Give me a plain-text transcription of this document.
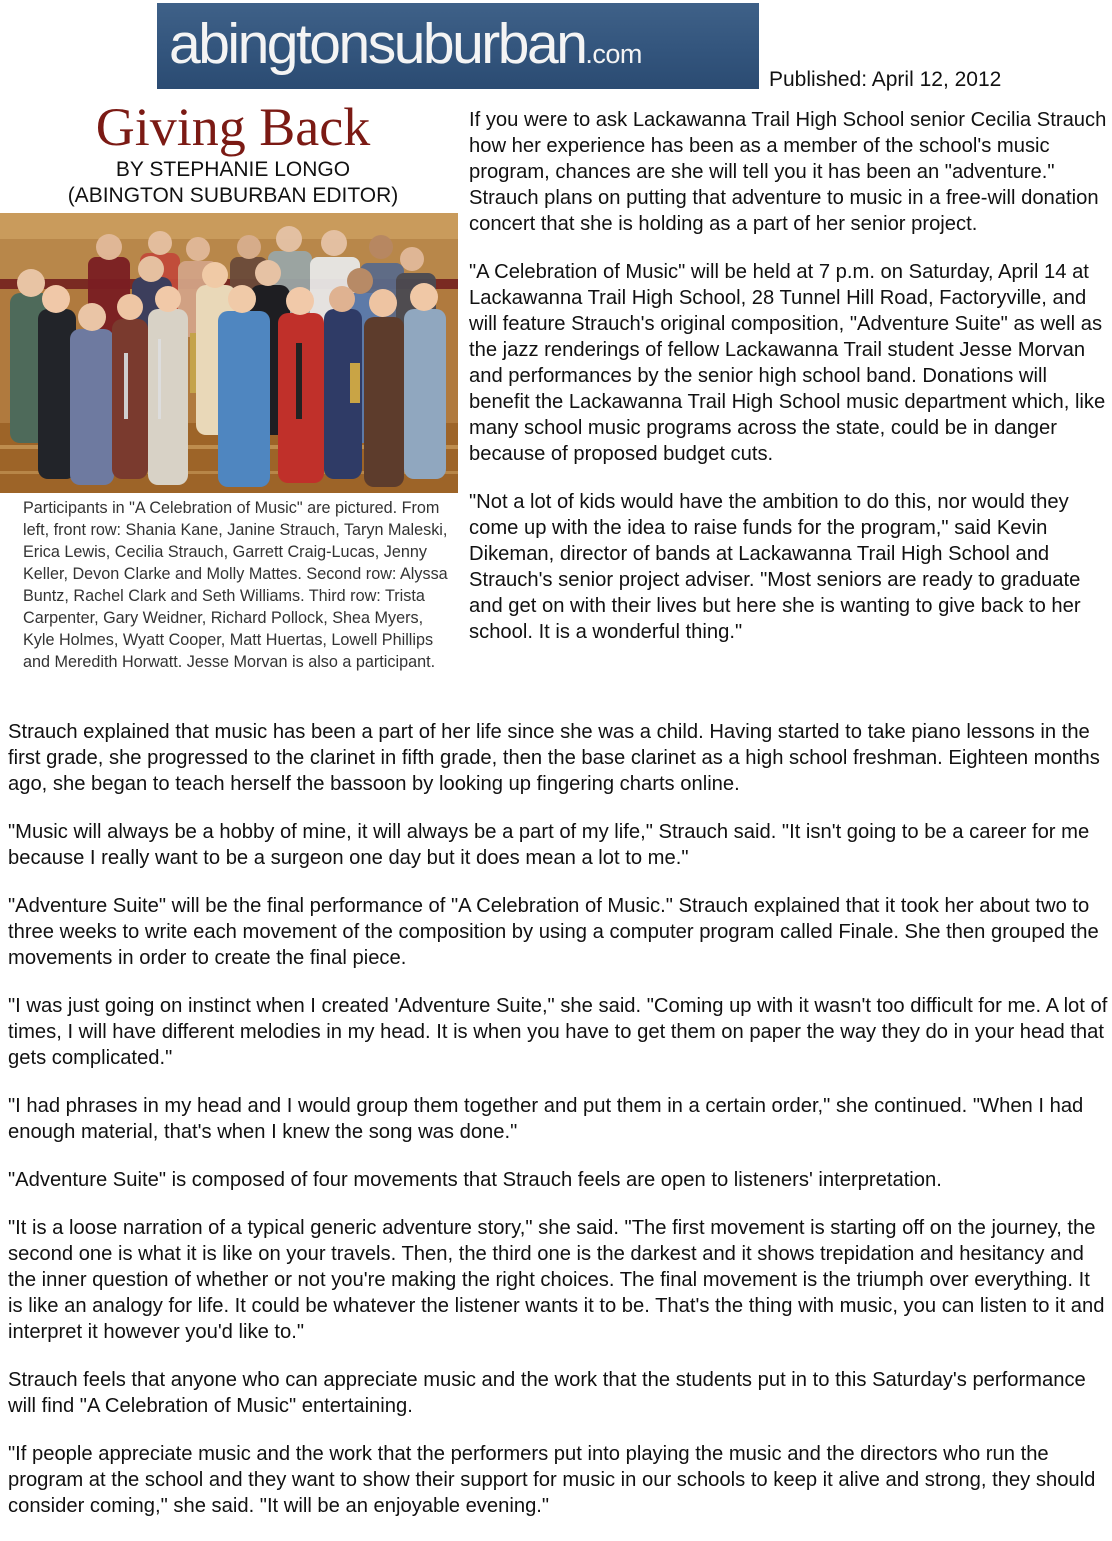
abingtonsuburban.com
Published: April 12, 2012
Giving Back
BY STEPHANIE LONGO
(ABINGTON SUBURBAN EDITOR)
Participants in "A Celebration of Music" are pictured. From left, front row: Shania Kane, Janine Strauch, Taryn Maleski, Erica Lewis, Cecilia Strauch, Garrett Craig-Lucas, Jenny Keller, Devon Clarke and Molly Mattes. Second row: Alyssa Buntz, Rachel Clark and Seth Williams. Third row: Trista Carpenter, Gary Weidner, Richard Pollock, Shea Myers, Kyle Holmes, Wyatt Cooper, Matt Huertas, Lowell Phillips and Meredith Horwatt. Jesse Morvan is also a participant.

If you were to ask Lackawanna Trail High School senior Cecilia Strauch how her experience has been as a member of the school's music program, chances are she will tell you it has been an "adventure." Strauch plans on putting that adventure to music in a free-will donation concert that she is holding as a part of her senior project.

"A Celebration of Music" will be held at 7 p.m. on Saturday, April 14 at Lackawanna Trail High School, 28 Tunnel Hill Road, Factoryville, and will feature Strauch's original composition, "Adventure Suite" as well as the jazz renderings of fellow Lackawanna Trail student Jesse Morvan and performances by the senior high school band. Donations will benefit the Lackawanna Trail High School music department which, like many school music programs across the state, could be in danger because of proposed budget cuts.

"Not a lot of kids would have the ambition to do this, nor would they come up with the idea to raise funds for the program," said Kevin Dikeman, director of bands at Lackawanna Trail High School and Strauch's senior project adviser. "Most seniors are ready to graduate and get on with their lives but here she is wanting to give back to her school. It is a wonderful thing."

Strauch explained that music has been a part of her life since she was a child. Having started to take piano lessons in the first grade, she progressed to the clarinet in fifth grade, then the base clarinet as a high school freshman. Eighteen months ago, she began to teach herself the bassoon by looking up fingering charts online.

"Music will always be a hobby of mine, it will always be a part of my life," Strauch said. "It isn't going to be a career for me because I really want to be a surgeon one day but it does mean a lot to me."

"Adventure Suite" will be the final performance of "A Celebration of Music." Strauch explained that it took her about two to three weeks to write each movement of the composition by using a computer program called Finale. She then grouped the movements in order to create the final piece.

"I was just going on instinct when I created 'Adventure Suite," she said. "Coming up with it wasn't too difficult for me. A lot of times, I will have different melodies in my head. It is when you have to get them on paper the way they do in your head that gets complicated."

"I had phrases in my head and I would group them together and put them in a certain order," she continued. "When I had enough material, that's when I knew the song was done."

"Adventure Suite" is composed of four movements that Strauch feels are open to listeners' interpretation.

"It is a loose narration of a typical generic adventure story," she said. "The first movement is starting off on the journey, the second one is what it is like on your travels. Then, the third one is the darkest and it shows trepidation and hesitancy and the inner question of whether or not you're making the right choices. The final movement is the triumph over everything. It is like an analogy for life. It could be whatever the listener wants it to be. That's the thing with music, you can listen to it and interpret it however you'd like to."

Strauch feels that anyone who can appreciate music and the work that the students put in to this Saturday's performance will find "A Celebration of Music" entertaining.

"If people appreciate music and the work that the performers put into playing the music and the directors who run the program at the school and they want to show their support for music in our schools to keep it alive and strong, they should consider coming," she said. "It will be an enjoyable evening."
